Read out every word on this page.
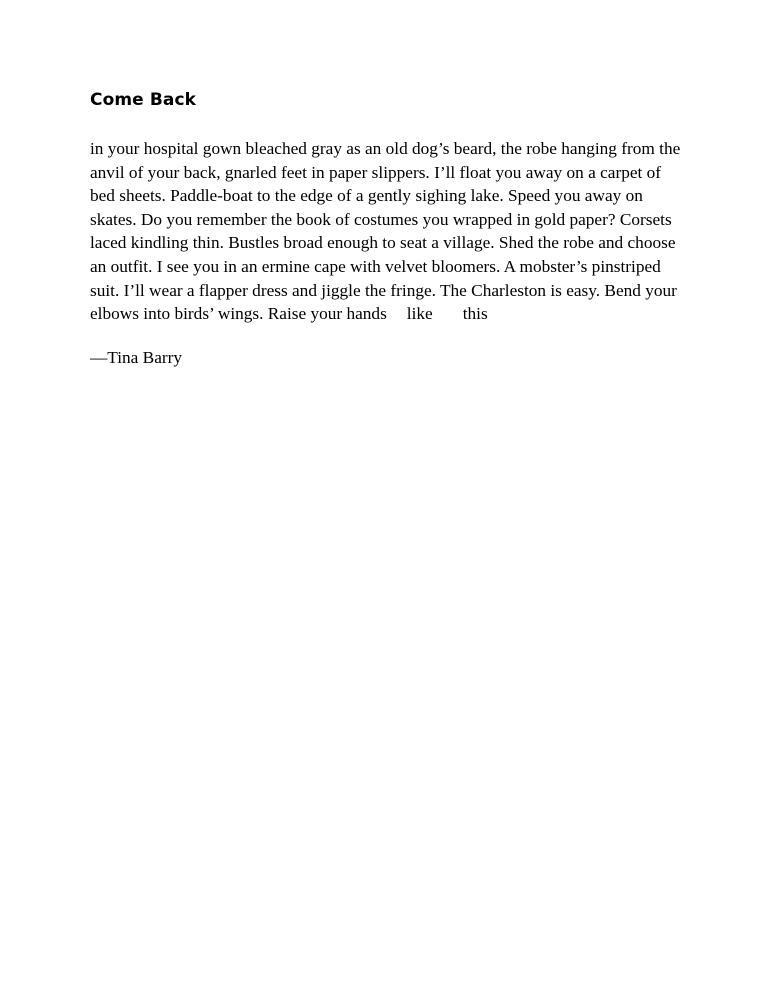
Come Back
in your hospital gown bleached gray as an old dog’s beard, the robe hanging from the
anvil of your back, gnarled feet in paper slippers. I’ll float you away on a carpet of
bed sheets. Paddle-boat to the edge of a gently sighing lake. Speed you away on
skates. Do you remember the book of costumes you wrapped in gold paper? Corsets
laced kindling thin. Bustles broad enough to seat a village. Shed the robe and choose
an outfit. I see you in an ermine cape with velvet bloomers. A mobster’s pinstriped
suit. I’ll wear a flapper dress and jiggle the fringe. The Charleston is easy. Bend your
elbows into birds’ wings. Raise your hands like this
—Tina Barry
